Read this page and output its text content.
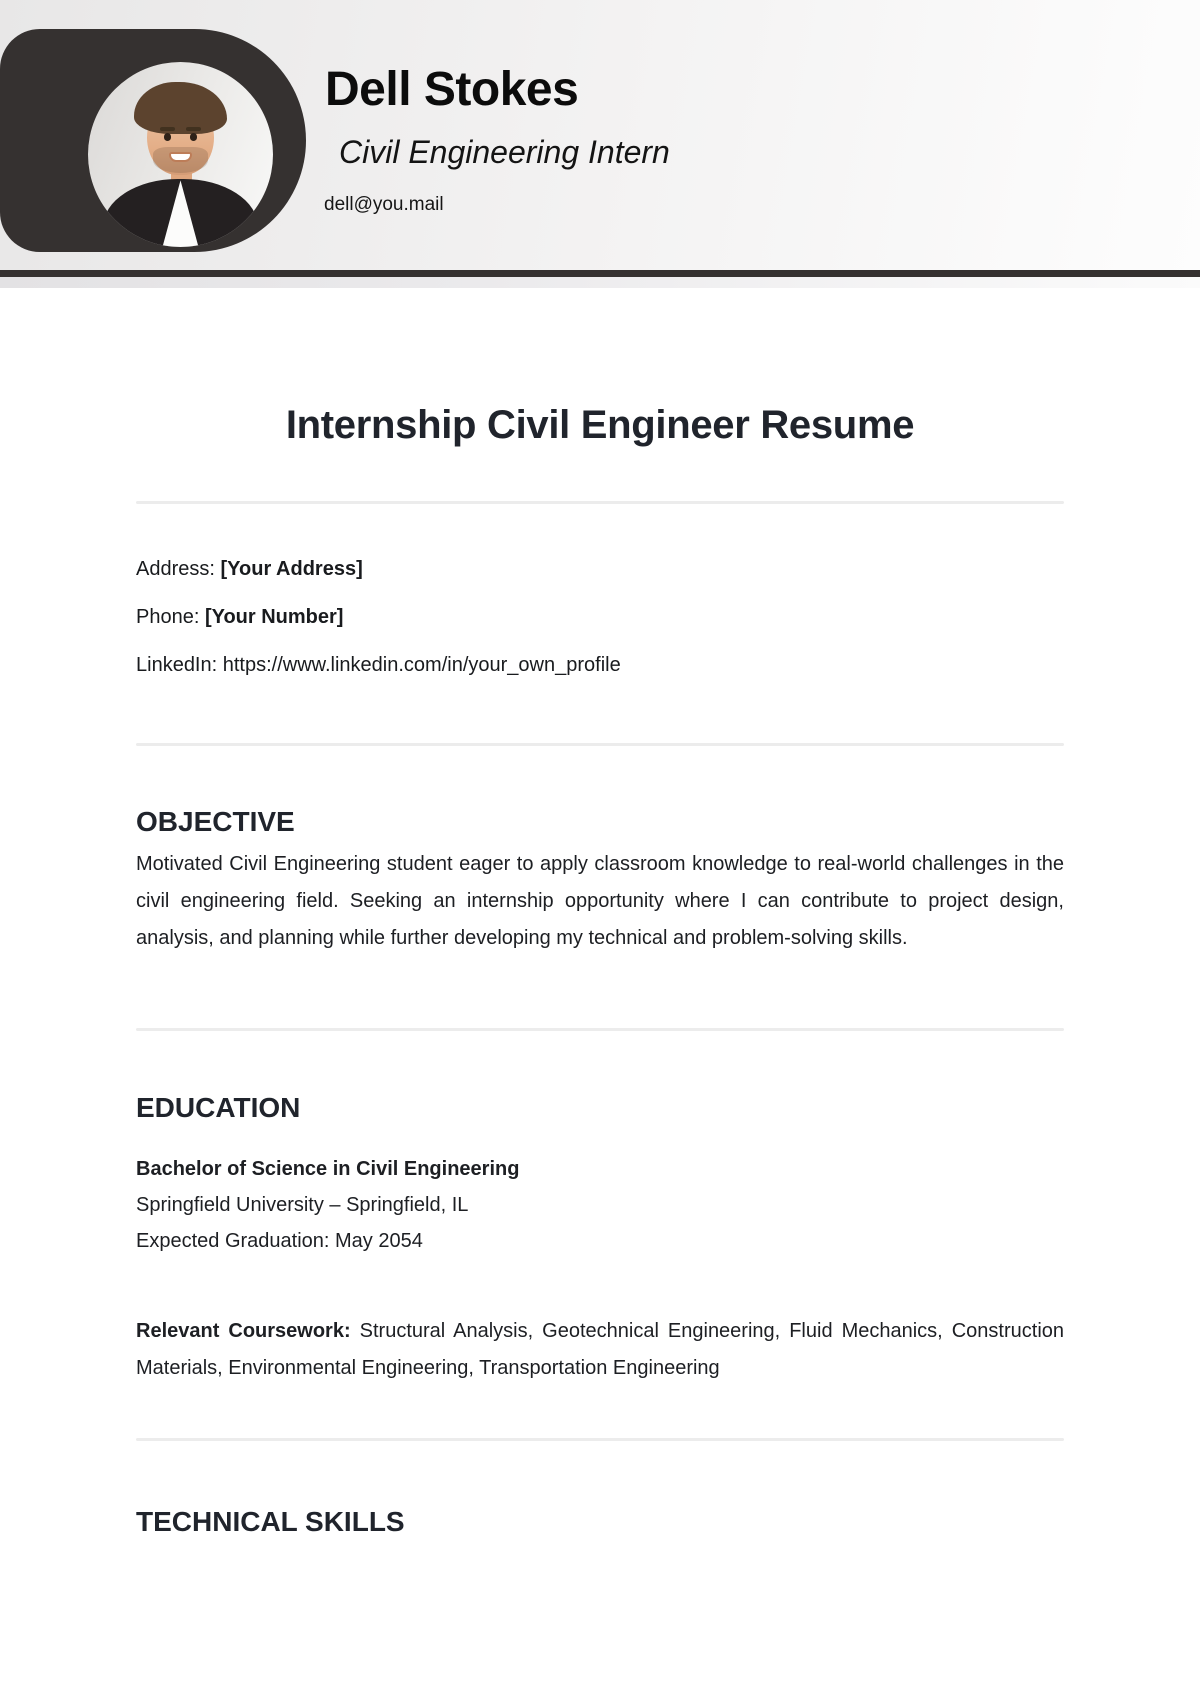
Dell Stokes
Civil Engineering Intern
dell@you.mail
Internship Civil Engineer Resume
Address: [Your Address]
Phone: [Your Number]
LinkedIn: https://www.linkedin.com/in/your_own_profile
OBJECTIVE

Motivated Civil Engineering student eager to apply classroom knowledge to real-world challenges in the civil engineering field. Seeking an internship opportunity where I can contribute to project design, analysis, and planning while further developing my technical and problem-solving skills.

EDUCATION
Bachelor of Science in Civil Engineering
Springfield University – Springfield, IL
Expected Graduation: May 2054

Relevant Coursework: Structural Analysis, Geotechnical Engineering, Fluid Mechanics, Construction Materials, Environmental Engineering, Transportation Engineering

TECHNICAL SKILLS
